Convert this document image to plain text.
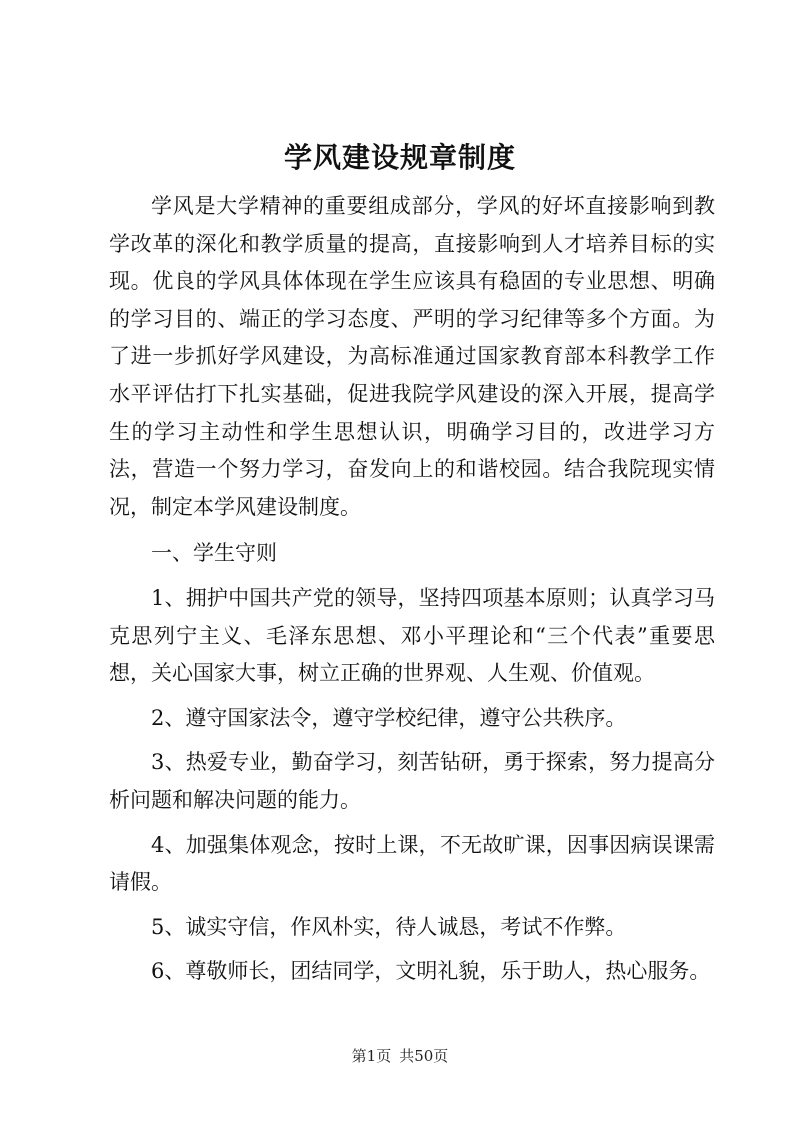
学风建设规章制度

学风是大学精神的重要组成部分，学风的好坏直接影响到教学改革的深化和教学质量的提高，直接影响到人才培养目标的实现。优良的学风具体体现在学生应该具有稳固的专业思想、明确的学习目的、端正的学习态度、严明的学习纪律等多个方面。为了进一步抓好学风建设，为高标准通过国家教育部本科教学工作水平评估打下扎实基础，促进我院学风建设的深入开展，提高学生的学习主动性和学生思想认识，明确学习目的，改进学习方法，营造一个努力学习，奋发向上的和谐校园。结合我院现实情况，制定本学风建设制度。

一、学生守则

1、拥护中国共产党的领导，坚持四项基本原则；认真学习马克思列宁主义、毛泽东思想、邓小平理论和“三个代表”重要思想，关心国家大事，树立正确的世界观、人生观、价值观。

2、遵守国家法令，遵守学校纪律，遵守公共秩序。

3、热爱专业，勤奋学习，刻苦钻研，勇于探索，努力提高分析问题和解决问题的能力。

4、加强集体观念，按时上课，不无故旷课，因事因病误课需请假。

5、诚实守信，作风朴实，待人诚恳，考试不作弊。

6、尊敬师长，团结同学，文明礼貌，乐于助人，热心服务。

第1页 共50页
